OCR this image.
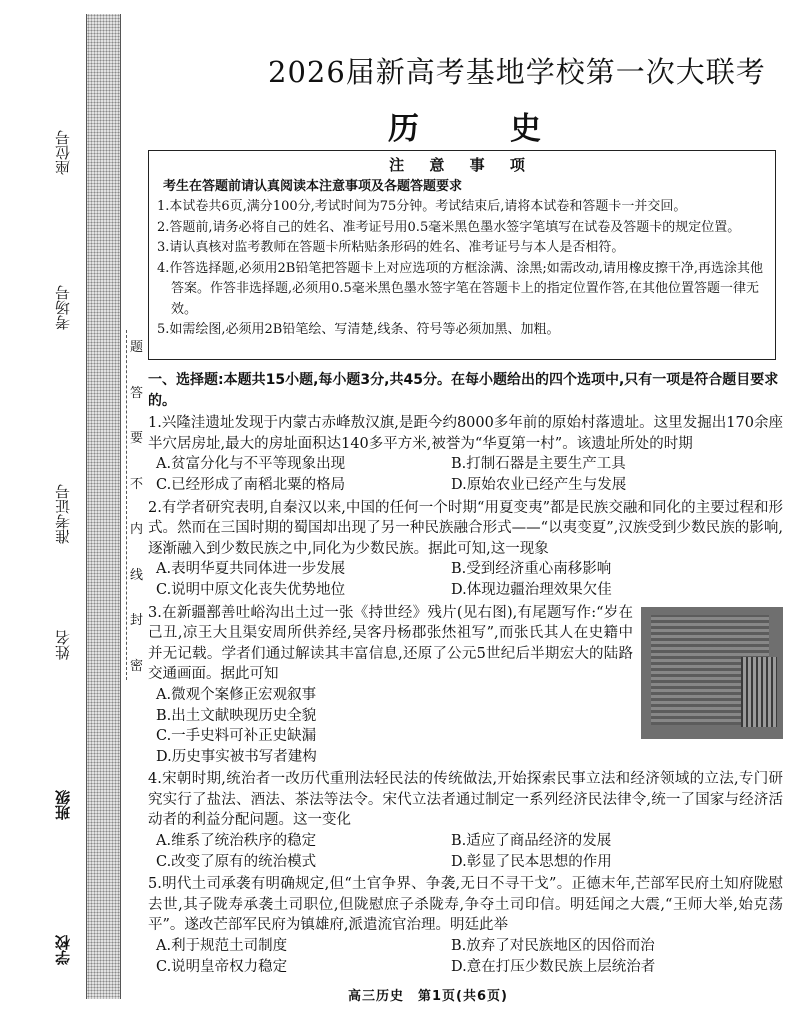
座位号
考场号
准考证号
姓名
班级
学校
题
答
要
不
内
线
封
密
2026届新高考基地学校第一次大联考
历　史
注 意 事 项

考生在答题前请认真阅读本注意事项及各题答题要求

1.本试卷共6页,满分100分,考试时间为75分钟。考试结束后,请将本试卷和答题卡一并交回。

2.答题前,请务必将自己的姓名、准考证号用0.5毫米黑色墨水签字笔填写在试卷及答题卡的规定位置。

3.请认真核对监考教师在答题卡所粘贴条形码的姓名、准考证号与本人是否相符。

4.作答选择题,必须用2B铅笔把答题卡上对应选项的方框涂满、涂黑;如需改动,请用橡皮擦干净,再选涂其他答案。作答非选择题,必须用0.5毫米黑色墨水签字笔在答题卡上的指定位置作答,在其他位置答题一律无效。

5.如需绘图,必须用2B铅笔绘、写清楚,线条、符号等必须加黑、加粗。

一、选择题:本题共15小题,每小题3分,共45分。在每小题给出的四个选项中,只有一项是符合题目要求的。

1.兴隆洼遗址发现于内蒙古赤峰敖汉旗,是距今约8000多年前的原始村落遗址。这里发掘出170余座半穴居房址,最大的房址面积达140多平方米,被誉为“华夏第一村”。该遗址所处的时期

A.贫富分化与不平等现象出现	B.打制石器是主要生产工具
C.已经形成了南稻北粟的格局	D.原始农业已经产生与发展

2.有学者研究表明,自秦汉以来,中国的任何一个时期“用夏变夷”都是民族交融和同化的主要过程和形式。然而在三国时期的蜀国却出现了另一种民族融合形式——“以夷变夏”,汉族受到少数民族的影响,逐渐融入到少数民族之中,同化为少数民族。据此可知,这一现象

A.表明华夏共同体进一步发展	B.受到经济重心南移影响
C.说明中原文化丧失优势地位	D.体现边疆治理效果欠佳

3.在新疆鄯善吐峪沟出土过一张《持世经》残片(见右图),有尾题写作:“岁在己丑,凉王大且渠安周所供养经,吴客丹杨郡张烋祖写”,而张氏其人在史籍中并无记载。学者们通过解读其丰富信息,还原了公元5世纪后半期宏大的陆路交通画面。据此可知

A.微观个案修正宏观叙事
B.出土文献映现历史全貌
C.一手史料可补正史缺漏
D.历史事实被书写者建构

4.宋朝时期,统治者一改历代重刑法轻民法的传统做法,开始探索民事立法和经济领域的立法,专门研究实行了盐法、酒法、茶法等法令。宋代立法者通过制定一系列经济民法律令,统一了国家与经济活动者的利益分配问题。这一变化

A.维系了统治秩序的稳定	B.适应了商品经济的发展
C.改变了原有的统治模式	D.彰显了民本思想的作用

5.明代土司承袭有明确规定,但“土官争界、争袭,无日不寻干戈”。正德末年,芒部军民府土知府陇慰去世,其子陇寿承袭土司职位,但陇慰庶子杀陇寿,争夺土司印信。明廷闻之大震,“王师大举,始克荡平”。遂改芒部军民府为镇雄府,派遣流官治理。明廷此举

A.利于规范土司制度	B.放弃了对民族地区的因俗而治
C.说明皇帝权力稳定	D.意在打压少数民族上层统治者
高三历史　第1页(共6页)
